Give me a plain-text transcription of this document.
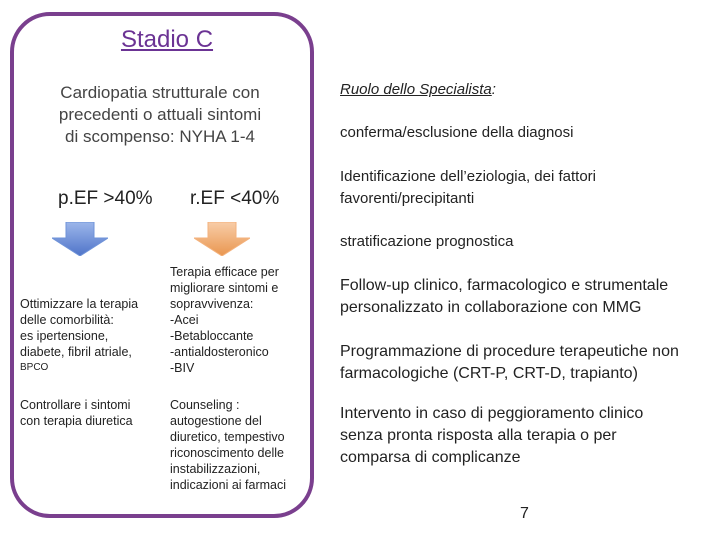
Stadio C
Cardiopatia strutturale con
precedenti o attuali sintomi
di scompenso: NYHA 1-4
p.EF >40% r.EF <40%
Ottimizzare la terapia
delle comorbilità:
es ipertensione,
diabete, fibril atriale,
BPCO
Controllare i sintomi
con terapia diuretica
Terapia efficace per
migliorare sintomi e
sopravvivenza:
-Acei
-Betabloccante
-antialdosteronico
-BIV
Counseling :
autogestione del
diuretico, tempestivo
riconoscimento delle
instabilizzazioni,
indicazioni ai farmaci
Ruolo dello Specialista:
conferma/esclusione della diagnosi
Identificazione dell’eziologia, dei fattori
favorenti/precipitanti
stratificazione prognostica
Follow-up clinico, farmacologico e strumentale
personalizzato in collaborazione con MMG
Programmazione di procedure terapeutiche non
farmacologiche (CRT-P, CRT-D, trapianto)
Intervento in caso di peggioramento clinico
senza pronta risposta alla terapia o per
comparsa di complicanze
7
